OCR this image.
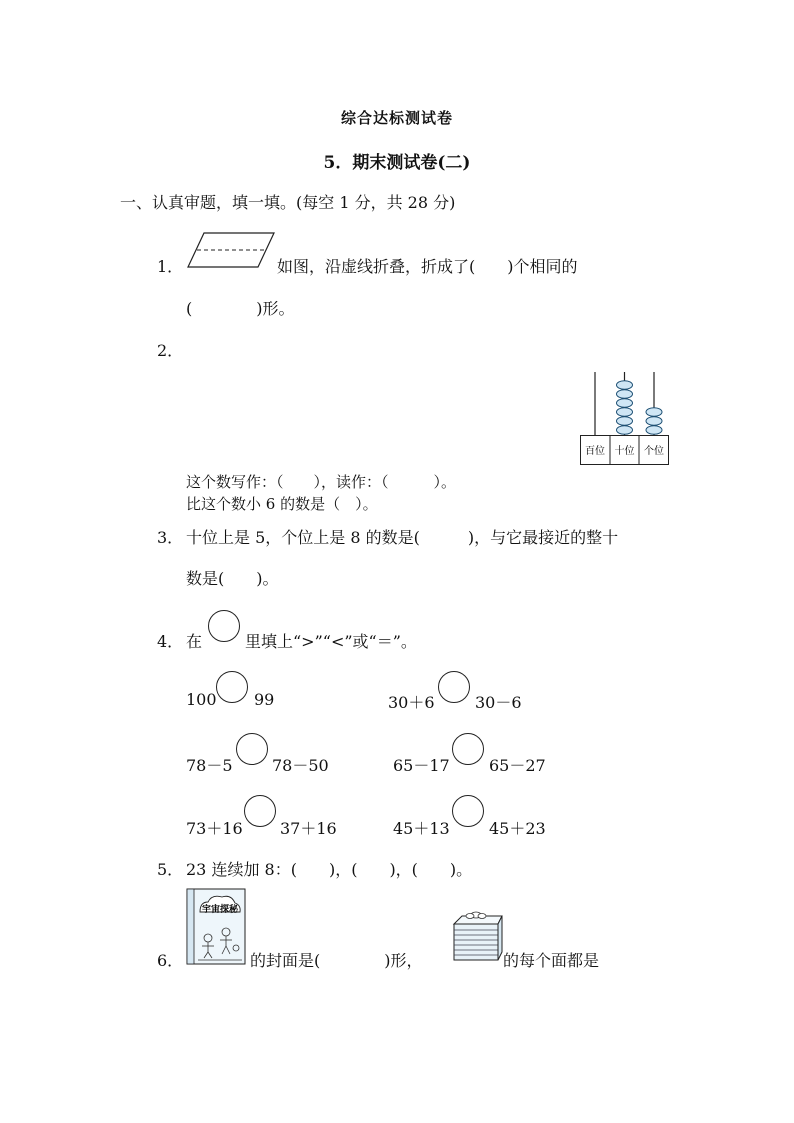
综合达标测试卷
5．期末测试卷(二)
一、认真审题，填一填。(每空 1 分，共 28 分)
1．	如图，沿虚线折叠，折成了(　　)个相同的
(　　　　)形。
2．
百位 十位 个位
这个数写作：（　　），读作：（　　　）。
比这个数小 6 的数是（　）。
3． 十位上是 5，个位上是 8 的数是(　　　)，与它最接近的整十
数是(　　)。
4． 在	里填上“>”“<”或“＝”。
100 99	30＋6	30－6
78－5 78－50	65－17 65－27
73＋16 37＋16	45＋13 45＋23
5． 23 连续加 8：(　　)，(　　)，(　　)。
6．
宇宙探秘
的封面是(　　　　)形，	的每个面都是
